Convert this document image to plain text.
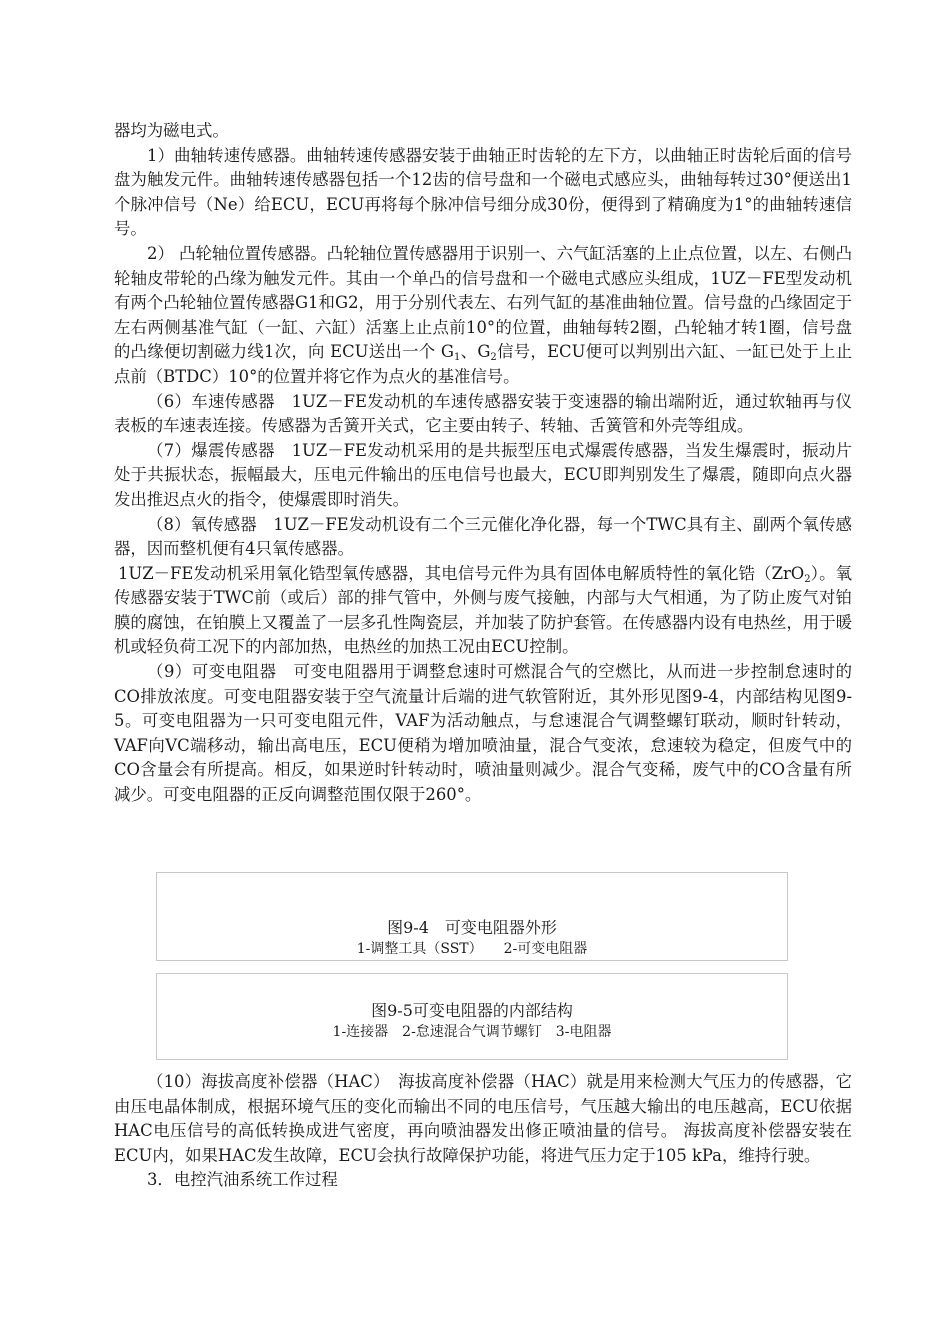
器均为磁电式。

1）曲轴转速传感器。曲轴转速传感器安装于曲轴正时齿轮的左下方，以曲轴正时齿轮后面的信号盘为触发元件。曲轴转速传感器包括一个12齿的信号盘和一个磁电式感应头，曲轴每转过30°便送出1个脉冲信号（Ne）给ECU，ECU再将每个脉冲信号细分成30份，便得到了精确度为1°的曲轴转速信号。

2） 凸轮轴位置传感器。凸轮轴位置传感器用于识别一、六气缸活塞的上止点位置，以左、右侧凸轮轴皮带轮的凸缘为触发元件。其由一个单凸的信号盘和一个磁电式感应头组成，1UZ－FE型发动机有两个凸轮轴位置传感器G1和G2，用于分别代表左、右列气缸的基准曲轴位置。信号盘的凸缘固定于左右两侧基准气缸（一缸、六缸）活塞上止点前10°的位置，曲轴每转2圈，凸轮轴才转1圈，信号盘的凸缘便切割磁力线1次，向 ECU送出一个 $G_1$、$G_2$信号，ECU便可以判别出六缸、一缸已处于上止点前（BTDC）10°的位置并将它作为点火的基准信号。

（6）车速传感器　1UZ－FE发动机的车速传感器安装于变速器的输出端附近，通过软轴再与仪表板的车速表连接。传感器为舌簧开关式，它主要由转子、转轴、舌簧管和外壳等组成。

（7）爆震传感器　1UZ－FE发动机采用的是共振型压电式爆震传感器，当发生爆震时，振动片处于共振状态，振幅最大，压电元件输出的压电信号也最大，ECU即判别发生了爆震，随即向点火器发出推迟点火的指令，使爆震即时消失。

（8）氧传感器　1UZ－FE发动机设有二个三元催化净化器，每一个TWC具有主、副两个氧传感器，因而整机便有4只氧传感器。

1UZ－FE发动机采用氧化锆型氧传感器，其电信号元件为具有固体电解质特性的氧化锆（ZrO$_2$）。氧传感器安装于TWC前（或后）部的排气管中，外侧与废气接触，内部与大气相通，为了防止废气对铂膜的腐蚀，在铂膜上又覆盖了一层多孔性陶瓷层，并加装了防护套管。在传感器内设有电热丝，用于暖机或轻负荷工况下的内部加热，电热丝的加热工况由ECU控制。

（9）可变电阻器　可变电阻器用于调整怠速时可燃混合气的空燃比，从而进一步控制怠速时的CO排放浓度。可变电阻器安装于空气流量计后端的进气软管附近，其外形见图9-4，内部结构见图9-5。可变电阻器为一只可变电阻元件，VAF为活动触点，与怠速混合气调整螺钉联动，顺时针转动，VAF向VC端移动，输出高电压，ECU便稍为增加喷油量，混合气变浓，怠速较为稳定，但废气中的CO含量会有所提高。相反，如果逆时针转动时，喷油量则减少。混合气变稀，废气中的CO含量有所减少。可变电阻器的正反向调整范围仅限于260°。

图9-4　可变电阻器外形
1-调整工具（SST）　　2-可变电阻器
图9-5可变电阻器的内部结构
1-连接器　2-怠速混合气调节螺钉　3-电阻器

（10）海拔高度补偿器（HAC）　海拔高度补偿器（HAC）就是用来检测大气压力的传感器，它由压电晶体制成，根据环境气压的变化而输出不同的电压信号，气压越大输出的电压越高，ECU依据HAC电压信号的高低转换成进气密度，再向喷油器发出修正喷油量的信号。 海拔高度补偿器安装在ECU内，如果HAC发生故障，ECU会执行故障保护功能，将进气压力定于105 kPa，维持行驶。

3．电控汽油系统工作过程
